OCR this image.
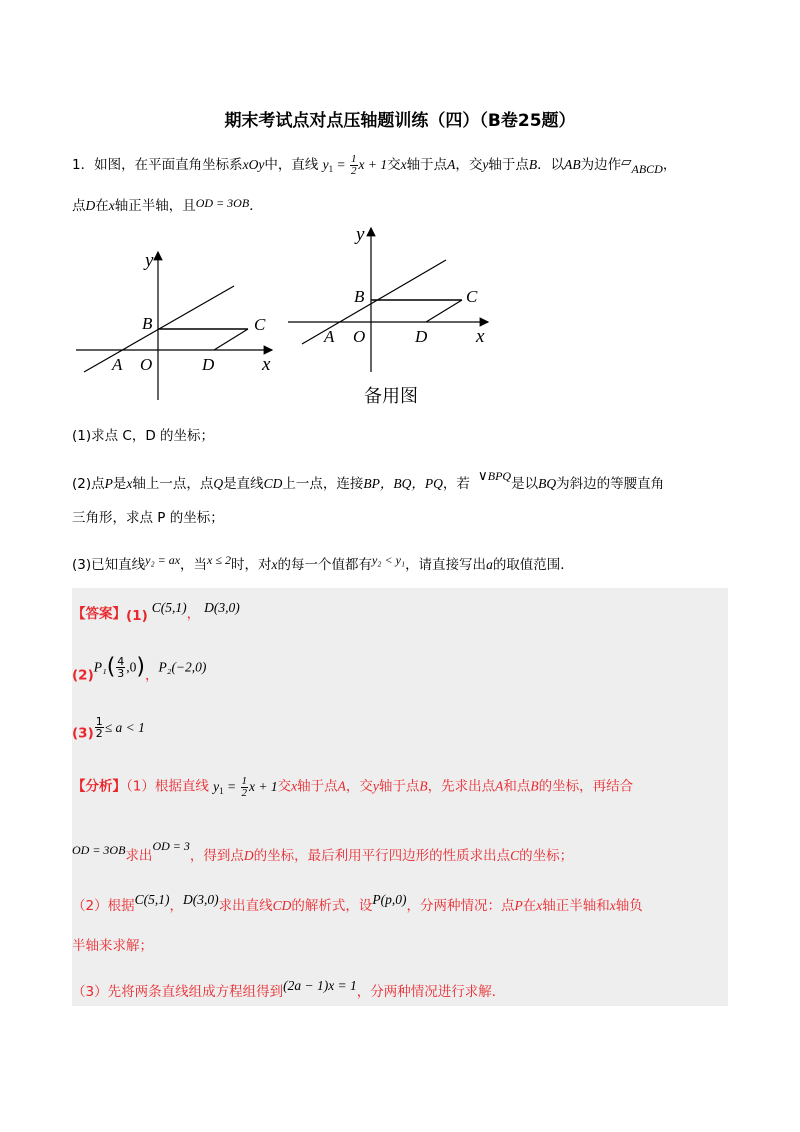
期末考试点对点压轴题训练（四）（B卷25题）
1．如图，在平面直角坐标系xOy中，直线 $y_1 = \frac{1}{2}$ x + 1交x轴于点A，交y轴于点B．以AB为边作▱ABCD，
点D在x轴正半轴，且OD = 3OB．
y
B	C
A O	D	x
y
B	C
A O	D	x
备用图
(1)求点 C，D 的坐标；
(2)点P是x轴上一点，点Q是直线CD上一点，连接BP，BQ，PQ，若 ∨BPQ是以BQ为斜边的等腰直角
三角形，求点 P 的坐标；
(3)已知直线y₂ = ax，当x ≤ 2时，对x的每一个值都有y₂ < y₁，请直接写出a的取值范围．
【答案】(1)C(5,1)， D(3,0)
$(2)P_1( \frac{4}{3} ,0)$，P₂(−2,0)
$(3) \frac{1}{2} \le a < 1$
【分析】（1）根据直线 $y_1 = \frac{1}{2}$ x + 1交x轴于点A，交y轴于点B，先求出点A和点B的坐标，再结合
OD = 3OB求出OD = 3，得到点D的坐标，最后利用平行四边形的性质求出点C的坐标；
（2）根据C(5,1)，D(3,0)求出直线CD的解析式，设P(p,0)，分两种情况：点P在x轴正半轴和x轴负
半轴来求解；
（3）先将两条直线组成方程组得到(2a − 1)x = 1，分两种情况进行求解．
